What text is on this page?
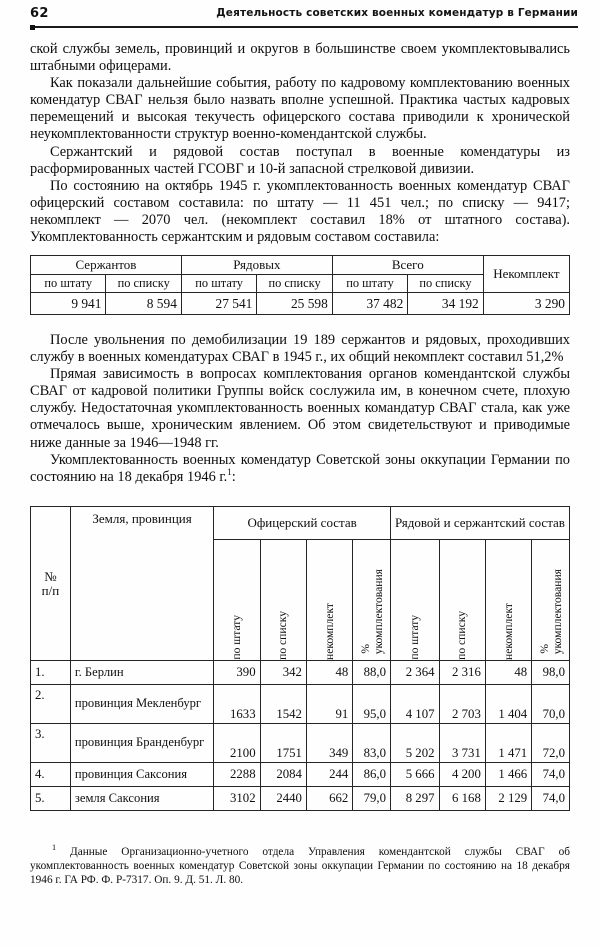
62	Деятельность советских военных комендатур в Германии

ской службы земель, провинций и округов в большинстве своем укомплектовывались штабными офицерами.

Как показали дальнейшие события, работу по кадровому комплектованию военных комендатур СВАГ нельзя было назвать вполне успешной. Практика частых кадровых перемещений и высокая текучесть офицерского состава приводили к хронической неукомплектованности структур военно-комендантской службы.

Сержантский и рядовой состав поступал в военные комендатуры из расформированных частей ГСОВГ и 10-й запасной стрелковой дивизии.

По состоянию на октябрь 1945 г. укомплектованность военных комендатур СВАГ офицерский составом составила: по штату — 11 451 чел.; по списку — 9417; некомплект — 2070 чел. (некомплект составил 18% от штатного состава). Укомплектованность сержантским и рядовым составом составила:

Сержантов		Рядовых		Всего		Некомплект
по штату	по списку	по штату	по списку	по штату	по списку	
9 941	8 594	27 541	25 598	37 482	34 192	3 290

После увольнения по демобилизации 19 189 сержантов и рядовых, проходивших службу в военных комендатурах СВАГ в 1945 г., их общий некомплект составил 51,2%

Прямая зависимость в вопросах комплектования органов комендантской службы СВАГ от кадровой политики Группы войск сослужила им, в конечном счете, плохую службу. Недостаточная укомплектованность военных командатур СВАГ стала, как уже отмечалось выше, хроническим явлением. Об этом свидетельствуют и приводимые ниже данные за 1946—1948 гг.

Укомплектованность военных комендатур Советской зоны оккупации Германии по состоянию на 18 декабря 1946 г.$^1$:

№
п/п	Земля, провинция	Офицерский состав				Рядовой и сержантский состав			

		по штату	по списку	некомплект	% укомплектования	по штату	по списку	некомплект	% укомплектования

1.	г. Берлин	390	342	48	88,0	2 364	2 316	48	98,0
2.	провинция Мекленбург	1633	1542	91	95,0	4 107	2 703	1 404	70,0
3.	провинция Бранденбург	2100	1751	349	83,0	5 202	3 731	1 471	72,0
4.	провинция Саксония	2288	2084	244	86,0	5 666	4 200	1 466	74,0
5.	земля Саксония	3102	2440	662	79,0	8 297	6 168	2 129	74,0
$^1$ Данные Организационно-учетного отдела Управления комендантской службы СВАГ об укомплектованность военных комендатур Советской зоны оккупации Германии по состоянию на 18 декабря 1946 г. ГА РФ. Ф. Р-7317. Оп. 9. Д. 51. Л. 80.
